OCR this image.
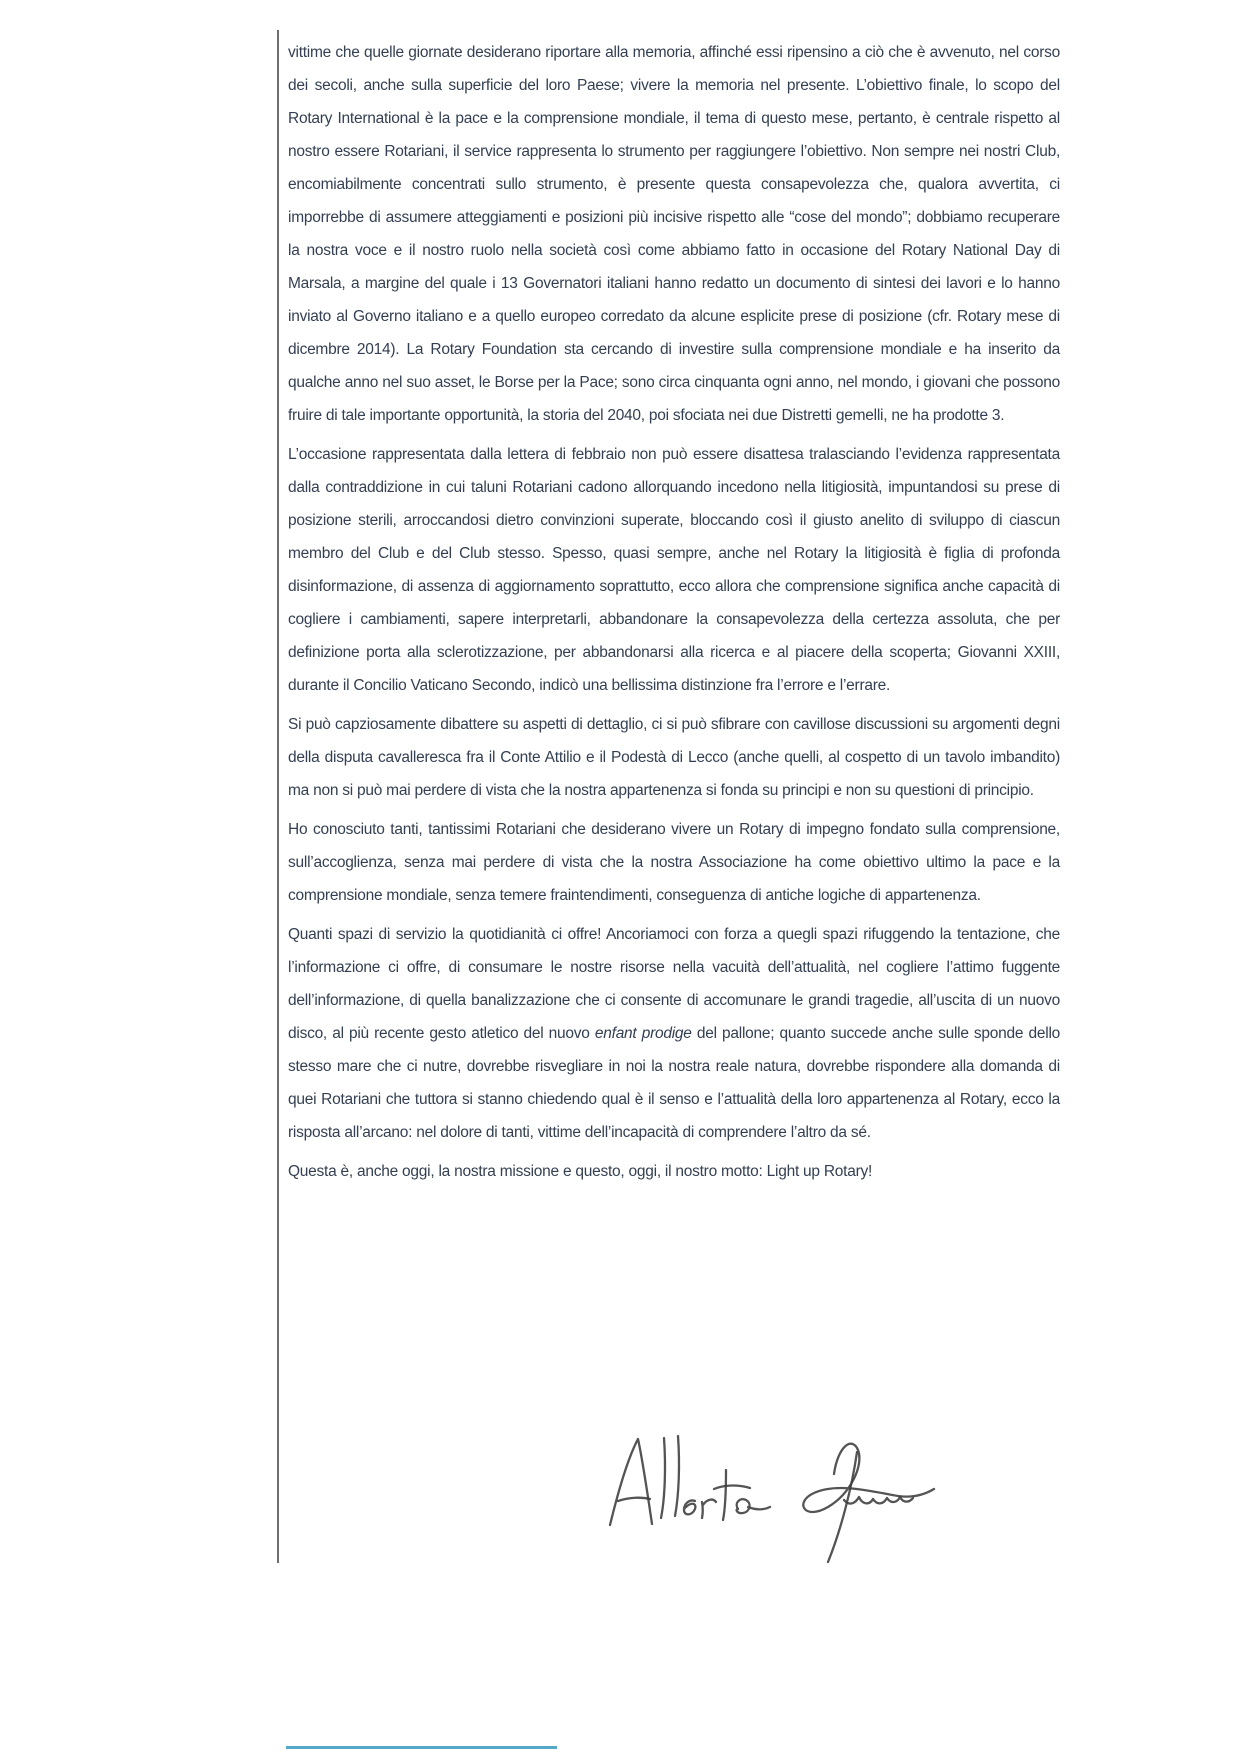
vittime che quelle giornate desiderano riportare alla memoria, affinché essi ripensino a ciò che è avvenuto, nel corso dei secoli, anche sulla superficie del loro Paese; vivere la memoria nel presente. L’obiettivo finale, lo scopo del Rotary International è la pace e la comprensione mondiale, il tema di questo mese, pertanto, è centrale rispetto al nostro essere Rotariani, il service rappresenta lo strumento per raggiungere l’obiettivo. Non sempre nei nostri Club, encomiabilmente concentrati sullo strumento, è presente questa consapevolezza che, qualora avvertita, ci imporrebbe di assumere atteggiamenti e posizioni più incisive rispetto alle “cose del mondo”; dobbiamo recuperare la nostra voce e il nostro ruolo nella società così come abbiamo fatto in occasione del Rotary National Day di Marsala, a margine del quale i 13 Governatori italiani hanno redatto un documento di sintesi dei lavori e lo hanno inviato al Governo italiano e a quello europeo corredato da alcune esplicite prese di posizione (cfr. Rotary mese di dicembre 2014). La Rotary Foundation sta cercando di investire sulla comprensione mondiale e ha inserito da qualche anno nel suo asset, le Borse per la Pace; sono circa cinquanta ogni anno, nel mondo, i giovani che possono fruire di tale importante opportunità, la storia del 2040, poi sfociata nei due Distretti gemelli, ne ha prodotte 3.

L’occasione rappresentata dalla lettera di febbraio non può essere disattesa tralasciando l’evidenza rappresentata dalla contraddizione in cui taluni Rotariani cadono allorquando incedono nella litigiosità, impuntandosi su prese di posizione sterili, arroccandosi dietro convinzioni superate, bloccando così il giusto anelito di sviluppo di ciascun membro del Club e del Club stesso. Spesso, quasi sempre, anche nel Rotary la litigiosità è figlia di profonda disinformazione, di assenza di aggiornamento soprattutto, ecco allora che comprensione significa anche capacità di cogliere i cambiamenti, sapere interpretarli, abbandonare la consapevolezza della certezza assoluta, che per definizione porta alla sclerotizzazione, per abbandonarsi alla ricerca e al piacere della scoperta; Giovanni XXIII, durante il Concilio Vaticano Secondo, indicò una bellissima distinzione fra l’errore e l’errare.

Si può capziosamente dibattere su aspetti di dettaglio, ci si può sfibrare con cavillose discussioni su argomenti degni della disputa cavalleresca fra il Conte Attilio e il Podestà di Lecco (anche quelli, al cospetto di un tavolo imbandito) ma non si può mai perdere di vista che la nostra appartenenza si fonda su principi e non su questioni di principio.

Ho conosciuto tanti, tantissimi Rotariani che desiderano vivere un Rotary di impegno fondato sulla comprensione, sull’accoglienza, senza mai perdere di vista che la nostra Associazione ha come obiettivo ultimo la pace e la comprensione mondiale, senza temere fraintendimenti, conseguenza di antiche logiche di appartenenza.

Quanti spazi di servizio la quotidianità ci offre! Ancoriamoci con forza a quegli spazi rifuggendo la tentazione, che l’informazione ci offre, di consumare le nostre risorse nella vacuità dell’attualità, nel cogliere l’attimo fuggente dell’informazione, di quella banalizzazione che ci consente di accomunare le grandi tragedie, all’uscita di un nuovo disco, al più recente gesto atletico del nuovo enfant prodige del pallone; quanto succede anche sulle sponde dello stesso mare che ci nutre, dovrebbe risvegliare in noi la nostra reale natura, dovrebbe rispondere alla domanda di quei Rotariani che tuttora si stanno chiedendo qual è il senso e l’attualità della loro appartenenza al Rotary, ecco la risposta all’arcano: nel dolore di tanti, vittime dell’incapacità di comprendere l’altro da sé.

Questa è, anche oggi, la nostra missione e questo, oggi, il nostro motto: Light up Rotary!
